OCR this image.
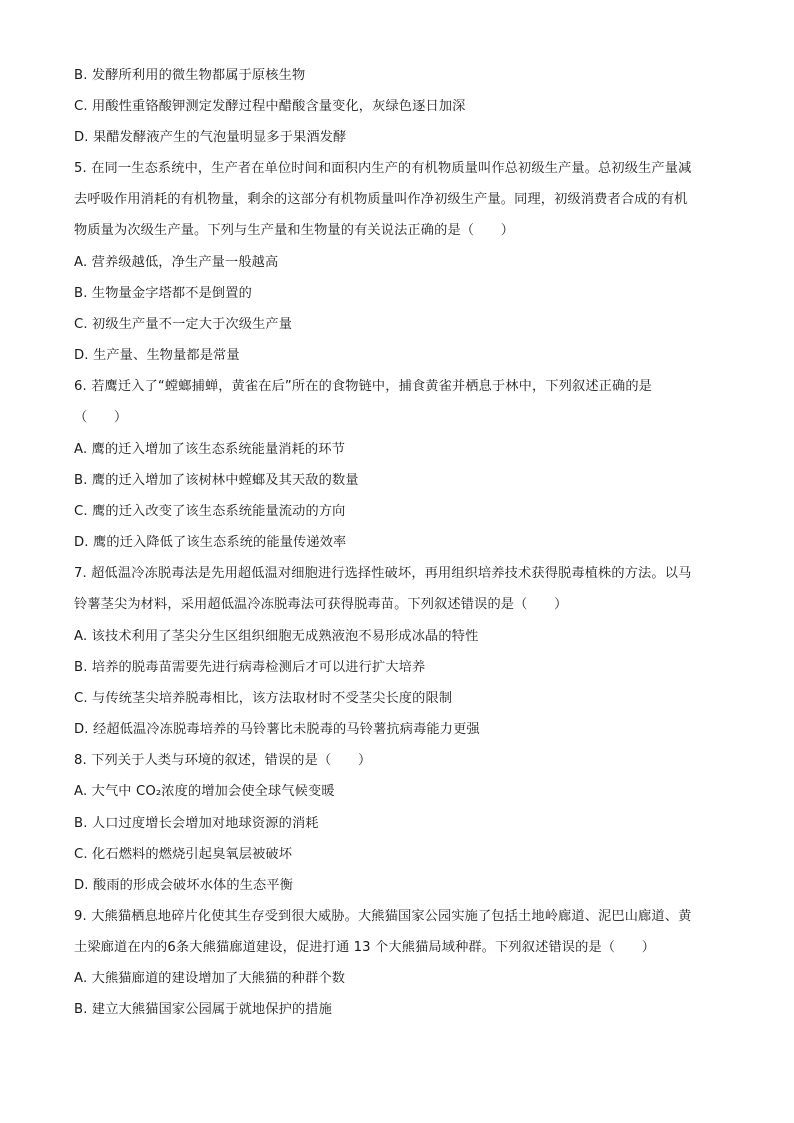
B. 发酵所利用的微生物都属于原核生物
C. 用酸性重铬酸钾测定发酵过程中醋酸含量变化，灰绿色逐日加深
D. 果醋发酵液产生的气泡量明显多于果酒发酵
5. 在同一生态系统中，生产者在单位时间和面积内生产的有机物质量叫作总初级生产量。总初级生产量减
去呼吸作用消耗的有机物量，剩余的这部分有机物质量叫作净初级生产量。同理，初级消费者合成的有机
物质量为次级生产量。下列与生产量和生物量的有关说法正确的是（　　）
A. 营养级越低，净生产量一般越高
B. 生物量金字塔都不是倒置的
C. 初级生产量不一定大于次级生产量
D. 生产量、生物量都是常量
6. 若鹰迁入了“螳螂捕蝉，黄雀在后”所在的食物链中，捕食黄雀并栖息于林中，下列叙述正确的是
（　　）
A. 鹰的迁入增加了该生态系统能量消耗的环节
B. 鹰的迁入增加了该树林中螳螂及其天敌的数量
C. 鹰的迁入改变了该生态系统能量流动的方向
D. 鹰的迁入降低了该生态系统的能量传递效率
7. 超低温冷冻脱毒法是先用超低温对细胞进行选择性破坏，再用组织培养技术获得脱毒植株的方法。以马
铃薯茎尖为材料，采用超低温冷冻脱毒法可获得脱毒苗。下列叙述错误的是（　　）
A. 该技术利用了茎尖分生区组织细胞无成熟液泡不易形成冰晶的特性
B. 培养的脱毒苗需要先进行病毒检测后才可以进行扩大培养
C. 与传统茎尖培养脱毒相比，该方法取材时不受茎尖长度的限制
D. 经超低温冷冻脱毒培养的马铃薯比未脱毒的马铃薯抗病毒能力更强
8. 下列关于人类与环境的叙述，错误的是（　　）
A. 大气中 CO₂浓度的增加会使全球气候变暖
B. 人口过度增长会增加对地球资源的消耗
C. 化石燃料的燃烧引起臭氧层被破坏
D. 酸雨的形成会破坏水体的生态平衡
9. 大熊猫栖息地碎片化使其生存受到很大威胁。大熊猫国家公园实施了包括土地岭廊道、泥巴山廊道、黄
土梁廊道在内的6条大熊猫廊道建设，促进打通 13 个大熊猫局域种群。下列叙述错误的是（　　）
A. 大熊猫廊道的建设增加了大熊猫的种群个数
B. 建立大熊猫国家公园属于就地保护的措施
